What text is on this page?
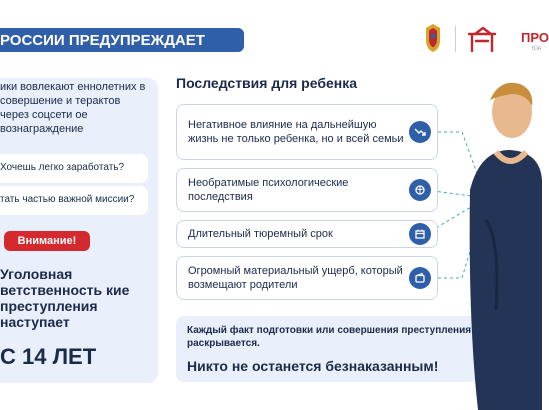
РОССИИ ПРЕДУПРЕЖДАЕТ	ПРО
Юн
ики вовлекают еннолетних в совершение и терактов через соцсети ое вознаграждение
Хочешь легко заработать?
тать частью важной миссии?
Внимание!
Уголовная ветственность кие преступления наступает
С 14 ЛЕТ
Последствия для ребенка
Негативное влияние на дальнейшую жизнь не только ребенка, но и всей семьи
Необратимые психологические последствия
Длительный тюремный срок
Огромный материальный ущерб, который возмещают родители
Каждый факт подготовки или совершения преступления раскрывается.
Никто не останется безнаказанным!
